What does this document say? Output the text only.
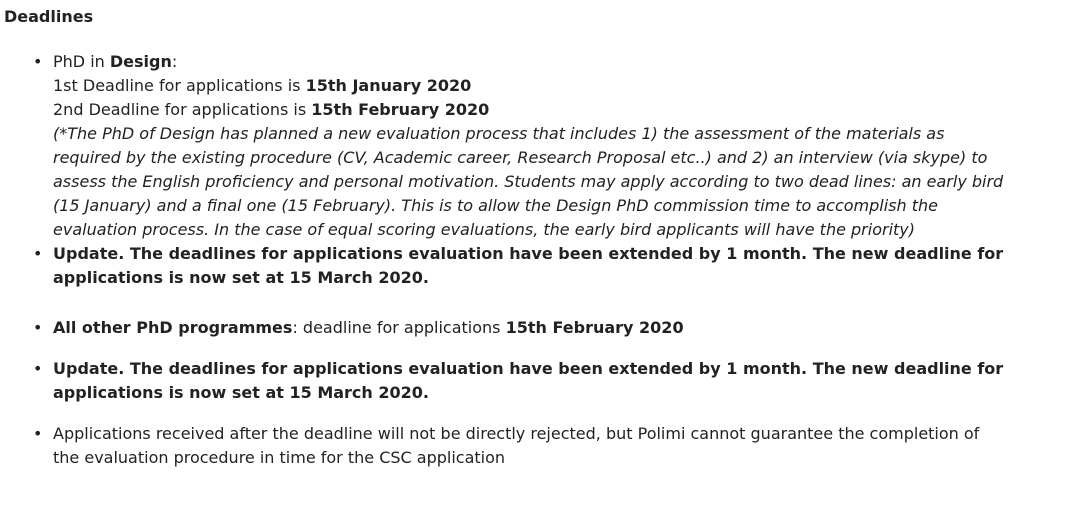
Deadlines
• PhD in Design:
1st Deadline for applications is 15th January 2020
2nd Deadline for applications is 15th February 2020
(*The PhD of Design has planned a new evaluation process that includes 1) the assessment of the materials as
required by the existing procedure (CV, Academic career, Research Proposal etc..) and 2) an interview (via skype) to
assess the English proficiency and personal motivation. Students may apply according to two dead lines: an early bird
(15 January) and a final one (15 February). This is to allow the Design PhD commission time to accomplish the
evaluation process. In the case of equal scoring evaluations, the early bird applicants will have the priority)
• Update. The deadlines for applications evaluation have been extended by 1 month. The new deadline for
applications is now set at 15 March 2020.
• All other PhD programmes: deadline for applications 15th February 2020
• Update. The deadlines for applications evaluation have been extended by 1 month. The new deadline for
applications is now set at 15 March 2020.
• Applications received after the deadline will not be directly rejected, but Polimi cannot guarantee the completion of
the evaluation procedure in time for the CSC application
